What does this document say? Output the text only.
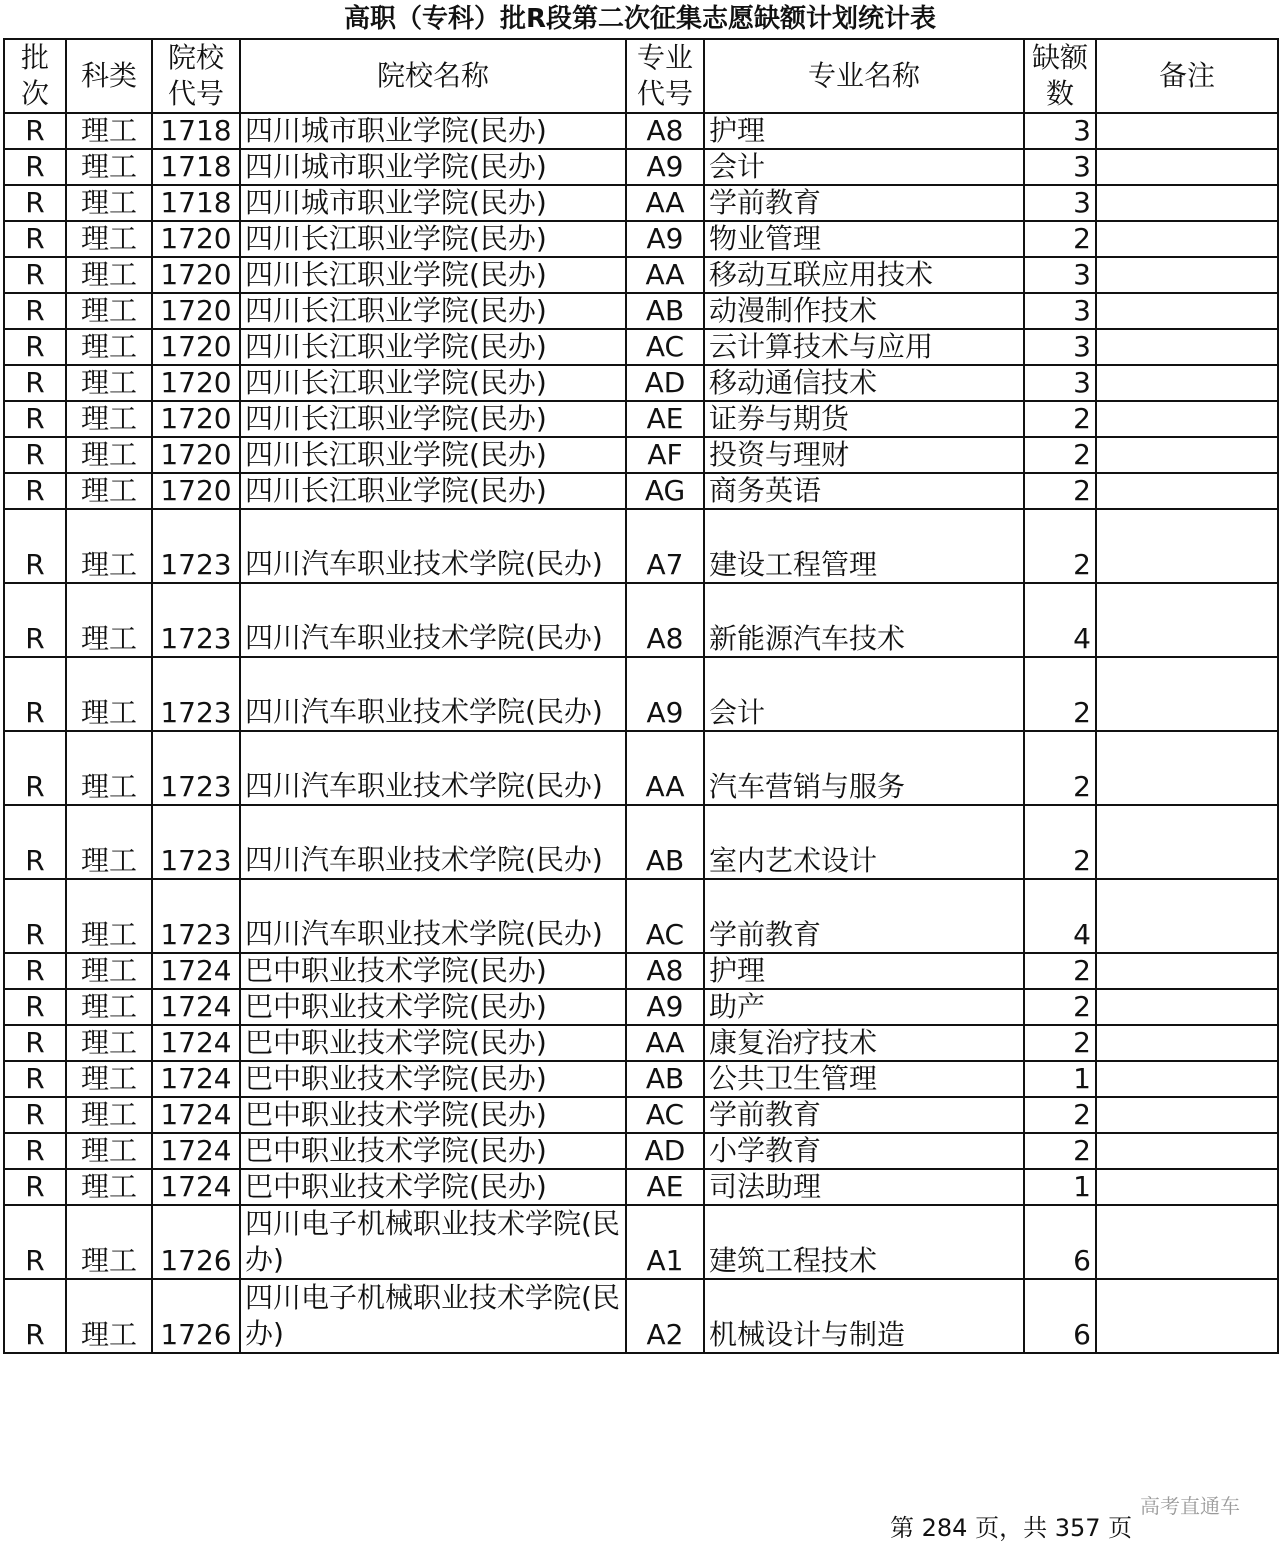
高职（专科）批R段第二次征集志愿缺额计划统计表
批次	科类	院校代号	院校名称	专业代号	专业名称	缺额数	备注
R	理工	1718	四川城市职业学院(民办)	A8	护理	3	
R	理工	1718	四川城市职业学院(民办)	A9	会计	3	
R	理工	1718	四川城市职业学院(民办)	AA	学前教育	3	
R	理工	1720	四川长江职业学院(民办)	A9	物业管理	2	
R	理工	1720	四川长江职业学院(民办)	AA	移动互联应用技术	3	
R	理工	1720	四川长江职业学院(民办)	AB	动漫制作技术	3	
R	理工	1720	四川长江职业学院(民办)	AC	云计算技术与应用	3	
R	理工	1720	四川长江职业学院(民办)	AD	移动通信技术	3	
R	理工	1720	四川长江职业学院(民办)	AE	证券与期货	2	
R	理工	1720	四川长江职业学院(民办)	AF	投资与理财	2	
R	理工	1720	四川长江职业学院(民办)	AG	商务英语	2	
R	理工	1723	四川汽车职业技术学院(民办)	A7	建设工程管理	2	
R	理工	1723	四川汽车职业技术学院(民办)	A8	新能源汽车技术	4	
R	理工	1723	四川汽车职业技术学院(民办)	A9	会计	2	
R	理工	1723	四川汽车职业技术学院(民办)	AA	汽车营销与服务	2	
R	理工	1723	四川汽车职业技术学院(民办)	AB	室内艺术设计	2	
R	理工	1723	四川汽车职业技术学院(民办)	AC	学前教育	4	
R	理工	1724	巴中职业技术学院(民办)	A8	护理	2	
R	理工	1724	巴中职业技术学院(民办)	A9	助产	2	
R	理工	1724	巴中职业技术学院(民办)	AA	康复治疗技术	2	
R	理工	1724	巴中职业技术学院(民办)	AB	公共卫生管理	1	
R	理工	1724	巴中职业技术学院(民办)	AC	学前教育	2	
R	理工	1724	巴中职业技术学院(民办)	AD	小学教育	2	
R	理工	1724	巴中职业技术学院(民办)	AE	司法助理	1	
R	理工	1726	四川电子机械职业技术学院(民办)	A1	建筑工程技术	6	
R	理工	1726	四川电子机械职业技术学院(民办)	A2	机械设计与制造	6	
高考直通车
第 284 页，共 357 页
